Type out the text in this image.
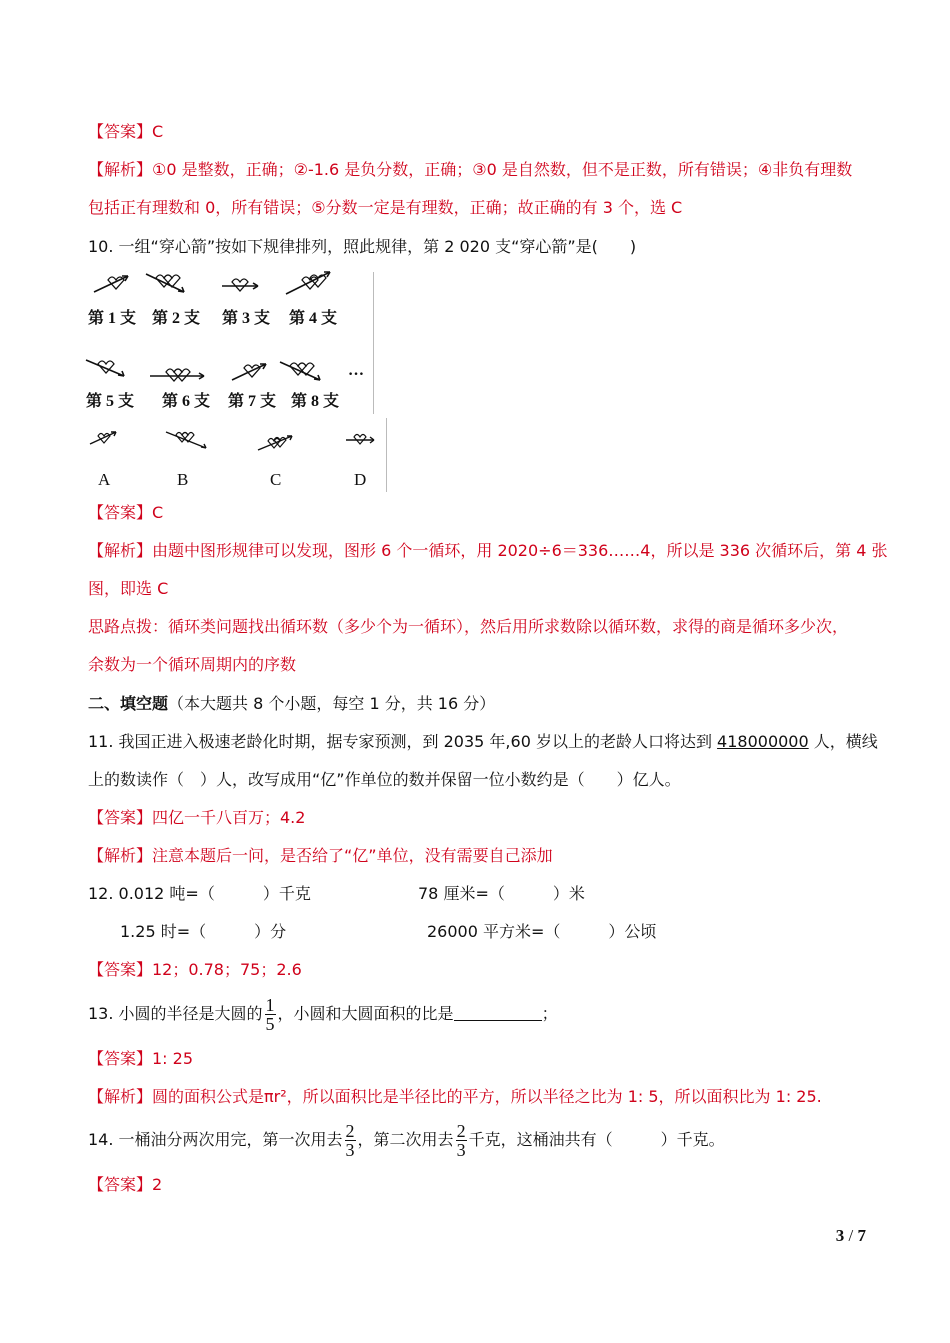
【答案】C
【解析】①0 是整数，正确；②-1.6 是负分数，正确；③0 是自然数，但不是正数，所有错误；④非负有理数
包括正有理数和 0，所有错误；⑤分数一定是有理数，正确；故正确的有 3 个，选 C
10. 一组“穿心箭”按如下规律排列，照此规律，第 2 020 支“穿心箭”是(　　)
第 1 支 第 2 支 第 3 支 第 4 支
…
第 5 支 第 6 支 第 7 支 第 8 支
A	B	C	D
【答案】C
【解析】由题中图形规律可以发现，图形 6 个一循环，用 2020÷6＝336……4，所以是 336 次循环后，第 4 张
图，即选 C
思路点拨：循环类问题找出循环数（多少个为一循环），然后用所求数除以循环数，求得的商是循环多少次，
余数为一个循环周期内的序数
二、填空题（本大题共 8 个小题，每空 1 分，共 16 分）
11. 我国正进入极速老龄化时期，据专家预测，到 2035 年,60 岁以上的老龄人口将达到 418000000 人，横线
上的数读作（　）人，改写成用“亿”作单位的数并保留一位小数约是（　　）亿人。
【答案】四亿一千八百万；4.2
【解析】注意本题后一问，是否给了“亿”单位，没有需要自己添加
12. 0.012 吨=（　　　）千克	78 厘米=（　　　）米
1.25 时=（　　　）分	26000 平方米=（　　　）公顷
【答案】12；0.78；75；2.6
13. 小圆的半径是大圆的 $\frac{1}{5}$ ，小圆和大圆面积的比是	；
【答案】1: 25
【解析】圆的面积公式是πr²，所以面积比是半径比的平方，所以半径之比为 1: 5，所以面积比为 1: 25.
14. 一桶油分两次用完，第一次用去 $\frac{2}{3}$ ，第二次用去 $\frac{2}{3}$ 千克，这桶油共有（　　　）千克。
【答案】2
3 / 7
